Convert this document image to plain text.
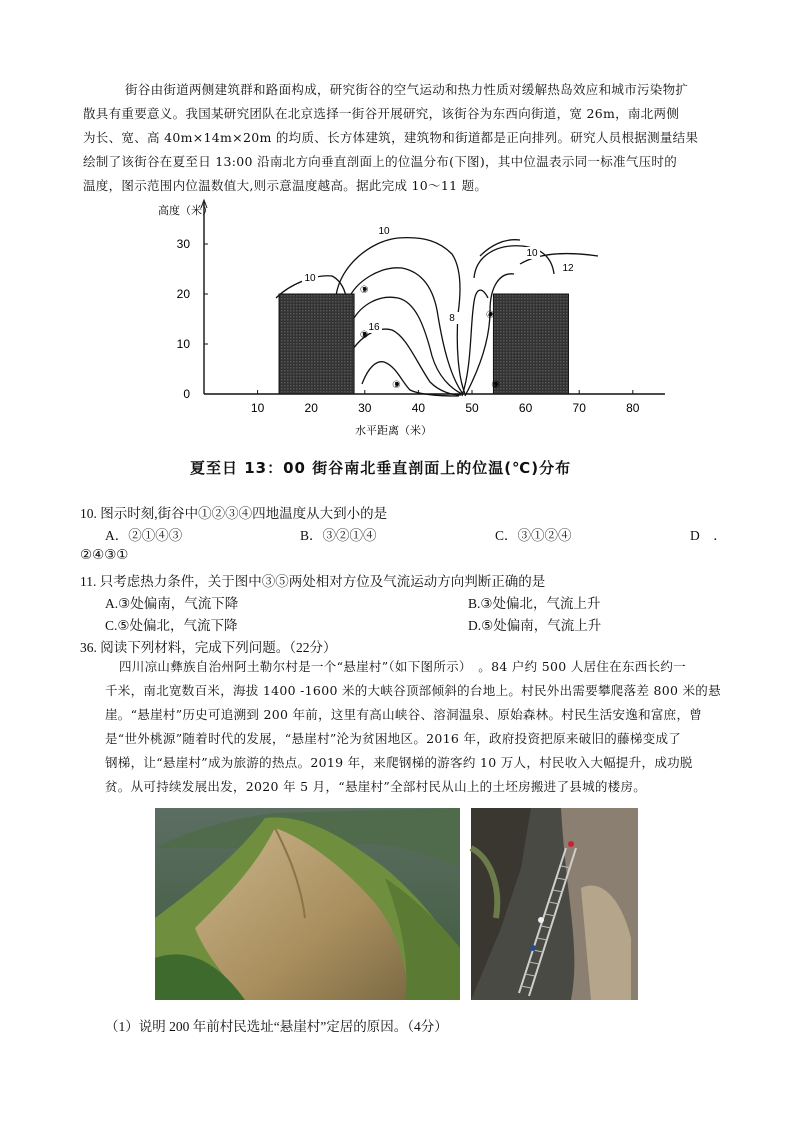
街谷由街道两侧建筑群和路面构成，研究街谷的空气运动和热力性质对缓解热岛效应和城市污染物扩
散具有重要意义。我国某研究团队在北京选择一街谷开展研究，该街谷为东西向街道，宽 26m，南北两侧
为长、宽、高 40m×14m×20m 的均质、长方体建筑，建筑物和街道都是正向排列。研究人员根据测量结果
绘制了该街谷在夏至日 13:00 沿南北方向垂直剖面上的位温分布(下图)，其中位温表示同一标准气压时的
温度，图示范围内位温数值大,则示意温度越高。据此完成 10～11 题。
10	20	30	40	50	60	70	80
0
10
20
30
高度（米）
水平距离（米）
10
10
16
8
10
12
①
②
③
④
⑤
夏至日 13：00 街谷南北垂直剖面上的位温(℃)分布
10. 图示时刻,街谷中①②③④四地温度从大到小的是
A．②①④③	B．③②①④	C．③①②④	D　．
②④③①
11. 只考虑热力条件，关于图中③⑤两处相对方位及气流运动方向判断正确的是
A.③处偏南，气流下降	B.③处偏北，气流上升
C.⑤处偏北，气流下降	D.⑤处偏南，气流上升
36. 阅读下列材料，完成下列问题。（22分）
四川凉山彝族自治州阿土勒尔村是一个“悬崖村”（如下图所示）　。84 户约 500 人居住在东西长约一
千米，南北宽数百米，海拔 1400 -1600 米的大峡谷顶部倾斜的台地上。村民外出需要攀爬落差 800 米的悬
崖。“悬崖村”历史可追溯到 200 年前，这里有高山峡谷、溶洞温泉、原始森林。村民生活安逸和富庶，曾
是“世外桃源”随着时代的发展，“悬崖村”沦为贫困地区。2016 年，政府投资把原来破旧的藤梯变成了
钢梯，让“悬崖村”成为旅游的热点。2019 年，来爬钢梯的游客约 10 万人，村民收入大幅提升，成功脱
贫。从可持续发展出发，2020 年 5 月，“悬崖村”全部村民从山上的土坯房搬进了县城的楼房。
（1）说明 200 年前村民选址“悬崖村”定居的原因。（4分）
